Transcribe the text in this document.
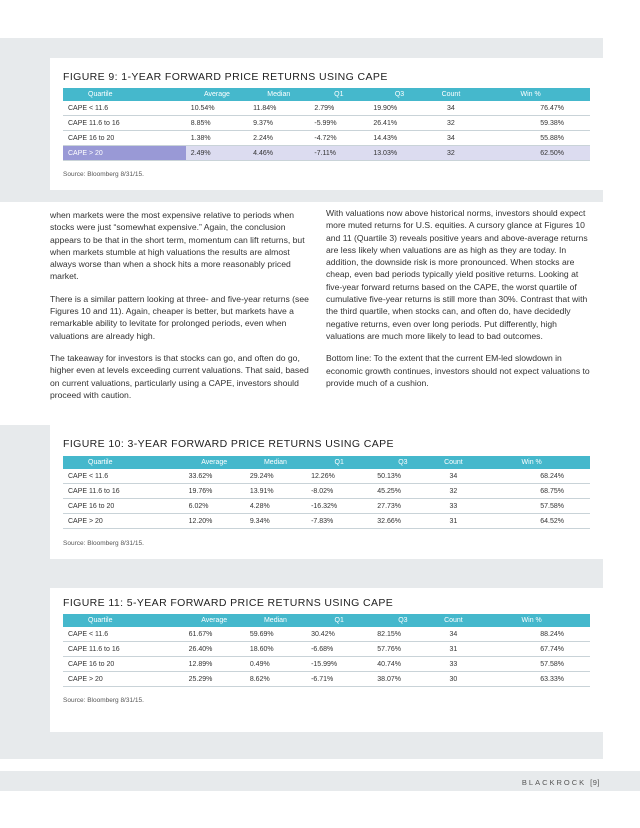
FIGURE 9: 1-YEAR FORWARD PRICE RETURNS USING CAPE
Quartile	Average	Median	Q1	Q3	Count	Win %
CAPE < 11.6	10.54%	11.84%	2.79%	19.90%	34	76.47%
CAPE 11.6 to 16	8.85%	9.37%	-5.99%	26.41%	32	59.38%
CAPE 16 to 20	1.38%	2.24%	-4.72%	14.43%	34	55.88%
CAPE > 20	2.49%	4.46%	-7.11%	13.03%	32	62.50%
Source: Bloomberg 8/31/15.

when markets were the most expensive relative to periods when stocks were just “somewhat expensive.” Again, the conclusion appears to be that in the short term, momentum can lift returns, but when markets stumble at high valuations the results are almost always worse than when a shock hits a more reasonably priced market.

There is a similar pattern looking at three- and five-year returns (see Figures 10 and 11). Again, cheaper is better, but markets have a remarkable ability to levitate for prolonged periods, even when valuations are already high.

The takeaway for investors is that stocks can go, and often do go, higher even at levels exceeding current valuations. That said, based on current valuations, particularly using a CAPE, investors should proceed with caution.

With valuations now above historical norms, investors should expect more muted returns for U.S. equities. A cursory glance at Figures 10 and 11 (Quartile 3) reveals positive years and above-average returns are less likely when valuations are as high as they are today. In addition, the downside risk is more pronounced. When stocks are cheap, even bad periods typically yield positive returns. Looking at five-year forward returns based on the CAPE, the worst quartile of cumulative five-year returns is still more than 30%. Contrast that with the third quartile, when stocks can, and often do, have decidedly negative returns, even over long periods. Put differently, high valuations are much more likely to lead to bad outcomes.

Bottom line: To the extent that the current EM-led slowdown in economic growth continues, investors should not expect valuations to provide much of a cushion.

FIGURE 10: 3-YEAR FORWARD PRICE RETURNS USING CAPE
Quartile	Average	Median	Q1	Q3	Count	Win %
CAPE < 11.6	33.62%	29.24%	12.26%	50.13%	34	68.24%
CAPE 11.6 to 16	19.76%	13.91%	-8.02%	45.25%	32	68.75%
CAPE 16 to 20	6.02%	4.28%	-16.32%	27.73%	33	57.58%
CAPE > 20	12.20%	9.34%	-7.83%	32.66%	31	64.52%
Source: Bloomberg 8/31/15.
FIGURE 11: 5-YEAR FORWARD PRICE RETURNS USING CAPE
Quartile	Average	Median	Q1	Q3	Count	Win %
CAPE < 11.6	61.67%	59.69%	30.42%	82.15%	34	88.24%
CAPE 11.6 to 16	26.40%	18.60%	-6.68%	57.76%	31	67.74%
CAPE 16 to 20	12.89%	0.49%	-15.99%	40.74%	33	57.58%
CAPE > 20	25.29%	8.62%	-6.71%	38.07%	30	63.33%
Source: Bloomberg 8/31/15.
BLACKROCK [9]
